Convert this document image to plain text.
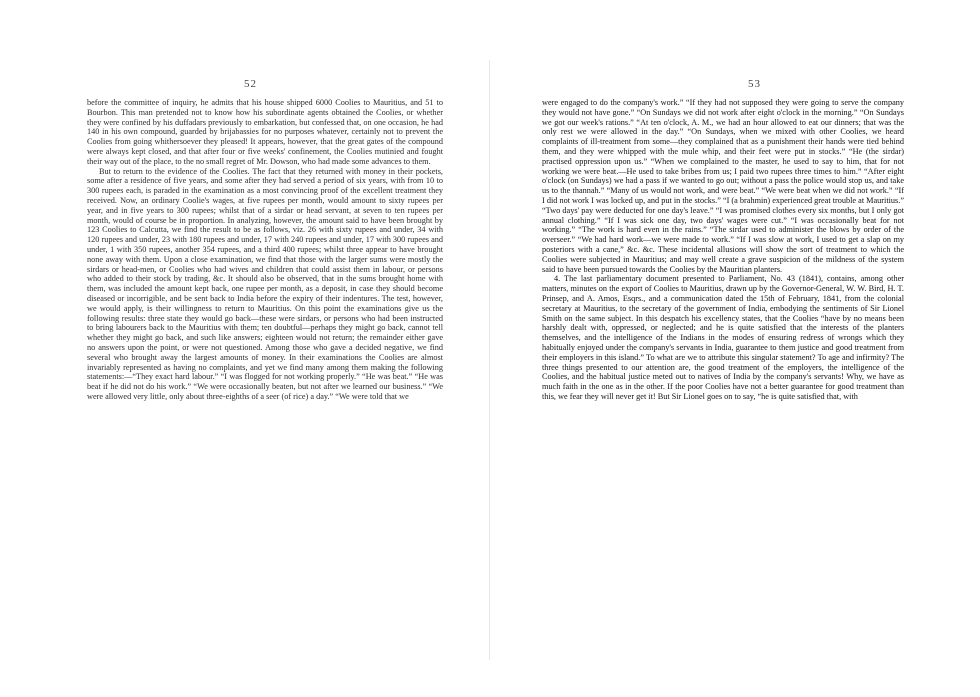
52

before the committee of inquiry, he admits that his house shipped 6000 Coolies to Mauritius, and 51 to Bourbon. This man pretended not to know how his subordinate agents obtained the Coolies, or whether they were confined by his duffadars previously to embarkation, but confessed that, on one occasion, he had 140 in his own compound, guarded by brijabassies for no purposes whatever, certainly not to prevent the Coolies from going whithersoever they pleased! It appears, however, that the great gates of the compound were always kept closed, and that after four or five weeks' confinement, the Coolies mutinied and fought their way out of the place, to the no small regret of Mr. Dowson, who had made some advances to them.

But to return to the evidence of the Coolies. The fact that they returned with money in their pockets, some after a residence of five years, and some after they had served a period of six years, with from 10 to 300 rupees each, is paraded in the examination as a most convincing proof of the excellent treatment they received. Now, an ordinary Coolie's wages, at five rupees per month, would amount to sixty rupees per year, and in five years to 300 rupees; whilst that of a sirdar or head servant, at seven to ten rupees per month, would of course be in proportion. In analyzing, however, the amount said to have been brought by 123 Coolies to Calcutta, we find the result to be as follows, viz. 26 with sixty rupees and under, 34 with 120 rupees and under, 23 with 180 rupees and under, 17 with 240 rupees and under, 17 with 300 rupees and under, 1 with 350 rupees, another 354 rupees, and a third 400 rupees; whilst three appear to have brought none away with them. Upon a close examination, we find that those with the larger sums were mostly the sirdars or head-men, or Coolies who had wives and children that could assist them in labour, or persons who added to their stock by trading, &c. It should also be observed, that in the sums brought home with them, was included the amount kept back, one rupee per month, as a deposit, in case they should become diseased or incorrigible, and be sent back to India before the expiry of their indentures. The test, however, we would apply, is their willingness to return to Mauritius. On this point the examinations give us the following results: three state they would go back—these were sirdars, or persons who had been instructed to bring labourers back to the Mauritius with them; ten doubtful—perhaps they might go back, cannot tell whether they might go back, and such like answers; eighteen would not return; the remainder either gave no answers upon the point, or were not questioned. Among those who gave a decided negative, we find several who brought away the largest amounts of money. In their examinations the Coolies are almost invariably represented as having no complaints, and yet we find many among them making the following statements:—“They exact hard labour.” “I was flogged for not working properly.” “He was beat.” “He was beat if he did not do his work.” “We were occasionally beaten, but not after we learned our business.” “We were allowed very little, only about three-eighths of a seer (of rice) a day.” “We were told that we

53

were engaged to do the company's work.” “If they had not supposed they were going to serve the company they would not have gone.” “On Sundays we did not work after eight o'clock in the morning.” “On Sundays we got our week's rations.” “At ten o'clock, A. M., we had an hour allowed to eat our dinners; that was the only rest we were allowed in the day.” “On Sundays, when we mixed with other Coolies, we heard complaints of ill-treatment from some—they complained that as a punishment their hands were tied behind them, and they were whipped with the mule whip, and their feet were put in stocks.” “He (the sirdar) practised oppression upon us.” “When we complained to the master, he used to say to him, that for not working we were beat.—He used to take bribes from us; I paid two rupees three times to him.” “After eight o'clock (on Sundays) we had a pass if we wanted to go out; without a pass the police would stop us, and take us to the thannah.” “Many of us would not work, and were beat.” “We were beat when we did not work.” “If I did not work I was locked up, and put in the stocks.” “I (a brahmin) experienced great trouble at Mauritius.” “Two days' pay were deducted for one day's leave.” “I was promised clothes every six months, but I only got annual clothing.” “If I was sick one day, two days' wages were cut.” “I was occasionally beat for not working.” “The work is hard even in the rains.” “The sirdar used to administer the blows by order of the overseer.” “We had hard work—we were made to work.” “If I was slow at work, I used to get a slap on my posteriors with a cane,” &c. &c. These incidental allusions will show the sort of treatment to which the Coolies were subjected in Mauritius; and may well create a grave suspicion of the mildness of the system said to have been pursued towards the Coolies by the Mauritian planters.

4. The last parliamentary document presented to Parliament, No. 43 (1841), contains, among other matters, minutes on the export of Coolies to Mauritius, drawn up by the Governor-General, W. W. Bird, H. T. Prinsep, and A. Amos, Esqrs., and a communication dated the 15th of February, 1841, from the colonial secretary at Mauritius, to the secretary of the government of India, embodying the sentiments of Sir Lionel Smith on the same subject. In this despatch his excellency states, that the Coolies “have by no means been harshly dealt with, oppressed, or neglected; and he is quite satisfied that the interests of the planters themselves, and the intelligence of the Indians in the modes of ensuring redress of wrongs which they habitually enjoyed under the company's servants in India, guarantee to them justice and good treatment from their employers in this island.” To what are we to attribute this singular statement? To age and infirmity? The three things presented to our attention are, the good treatment of the employers, the intelligence of the Coolies, and the habitual justice meted out to natives of India by the company's servants! Why, we have as much faith in the one as in the other. If the poor Coolies have not a better guarantee for good treatment than this, we fear they will never get it! But Sir Lionel goes on to say, “he is quite satisfied that, with
